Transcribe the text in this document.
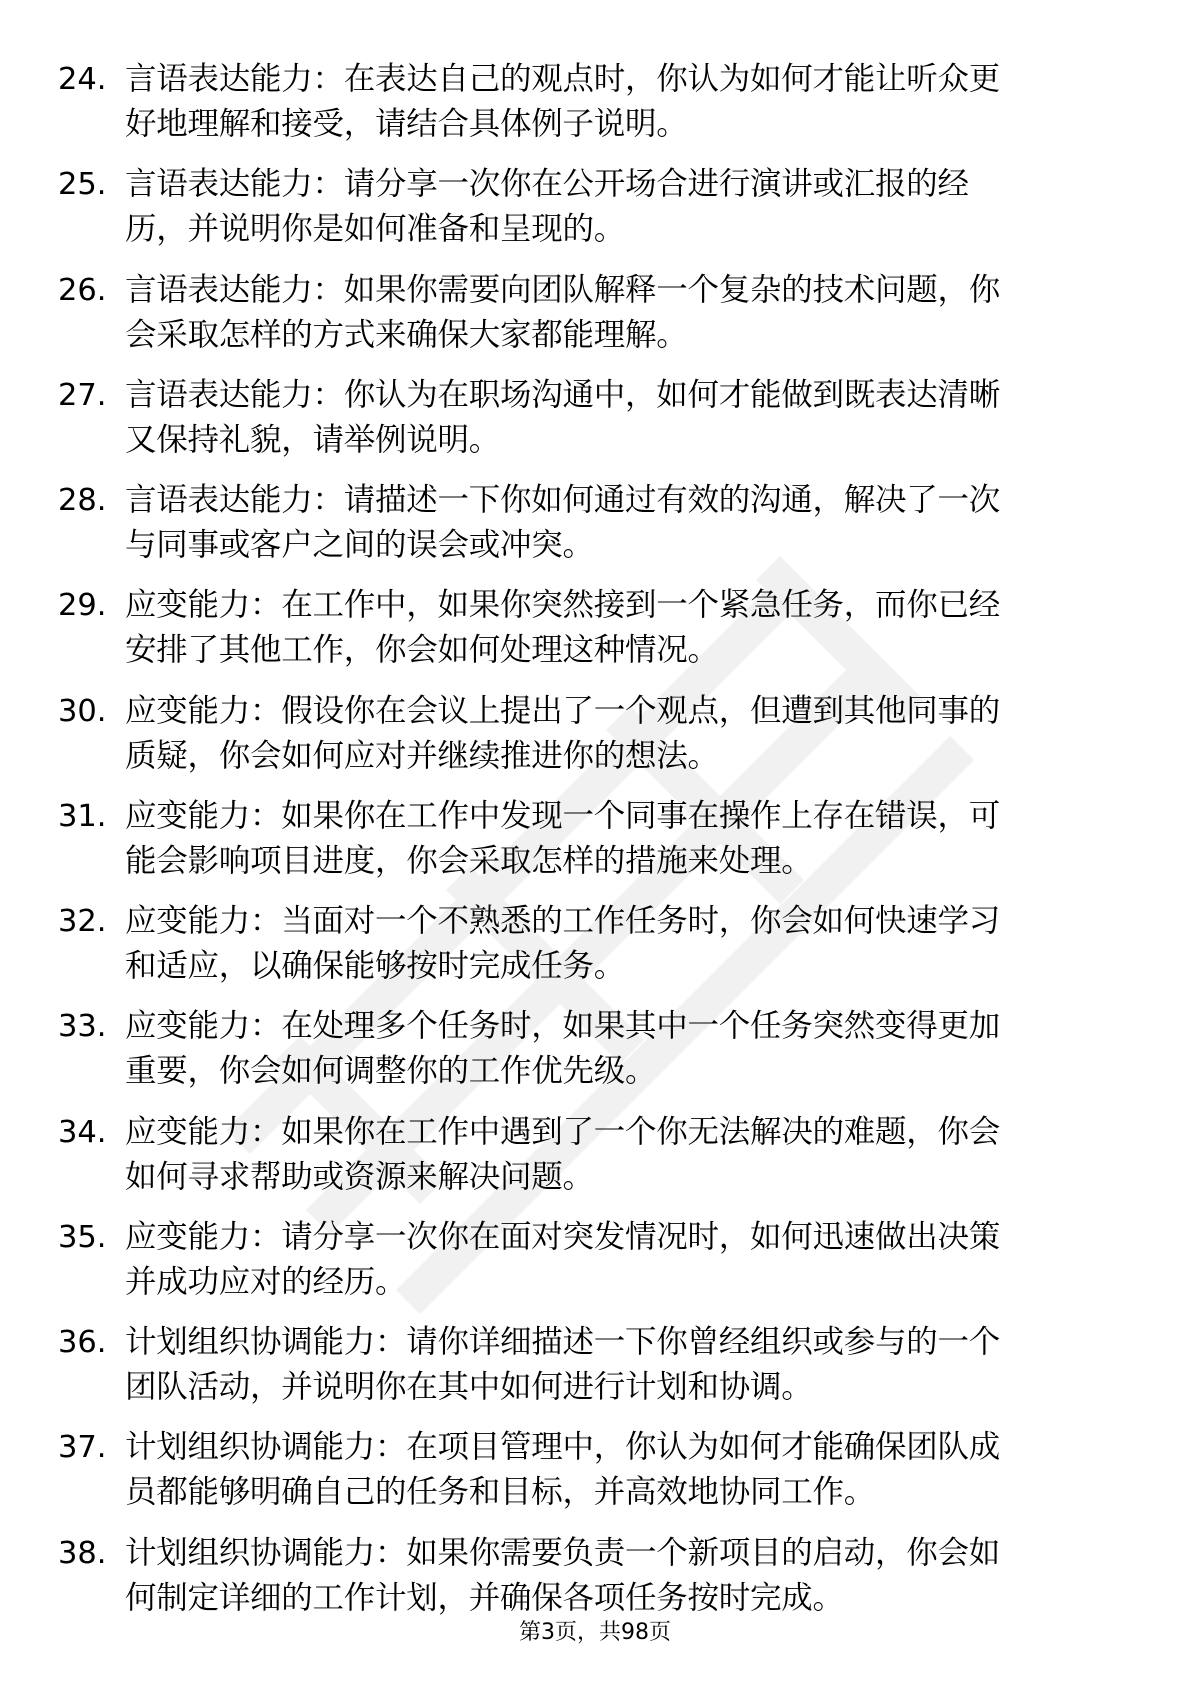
24. 言语表达能力：在表达自己的观点时，你认为如何才能让听众更
好地理解和接受，请结合具体例子说明。
25. 言语表达能力：请分享一次你在公开场合进行演讲或汇报的经
历，并说明你是如何准备和呈现的。
26. 言语表达能力：如果你需要向团队解释一个复杂的技术问题，你
会采取怎样的方式来确保大家都能理解。
27. 言语表达能力：你认为在职场沟通中，如何才能做到既表达清晰
又保持礼貌，请举例说明。
28. 言语表达能力：请描述一下你如何通过有效的沟通，解决了一次
与同事或客户之间的误会或冲突。
29. 应变能力：在工作中，如果你突然接到一个紧急任务，而你已经
安排了其他工作，你会如何处理这种情况。
30. 应变能力：假设你在会议上提出了一个观点，但遭到其他同事的
质疑，你会如何应对并继续推进你的想法。
31. 应变能力：如果你在工作中发现一个同事在操作上存在错误，可
能会影响项目进度，你会采取怎样的措施来处理。
32. 应变能力：当面对一个不熟悉的工作任务时，你会如何快速学习
和适应，以确保能够按时完成任务。
33. 应变能力：在处理多个任务时，如果其中一个任务突然变得更加
重要，你会如何调整你的工作优先级。
34. 应变能力：如果你在工作中遇到了一个你无法解决的难题，你会
如何寻求帮助或资源来解决问题。
35. 应变能力：请分享一次你在面对突发情况时，如何迅速做出决策
并成功应对的经历。
36. 计划组织协调能力：请你详细描述一下你曾经组织或参与的一个
团队活动，并说明你在其中如何进行计划和协调。
37. 计划组织协调能力：在项目管理中，你认为如何才能确保团队成
员都能够明确自己的任务和目标，并高效地协同工作。
38. 计划组织协调能力：如果你需要负责一个新项目的启动，你会如
何制定详细的工作计划，并确保各项任务按时完成。
第3页，共98页
